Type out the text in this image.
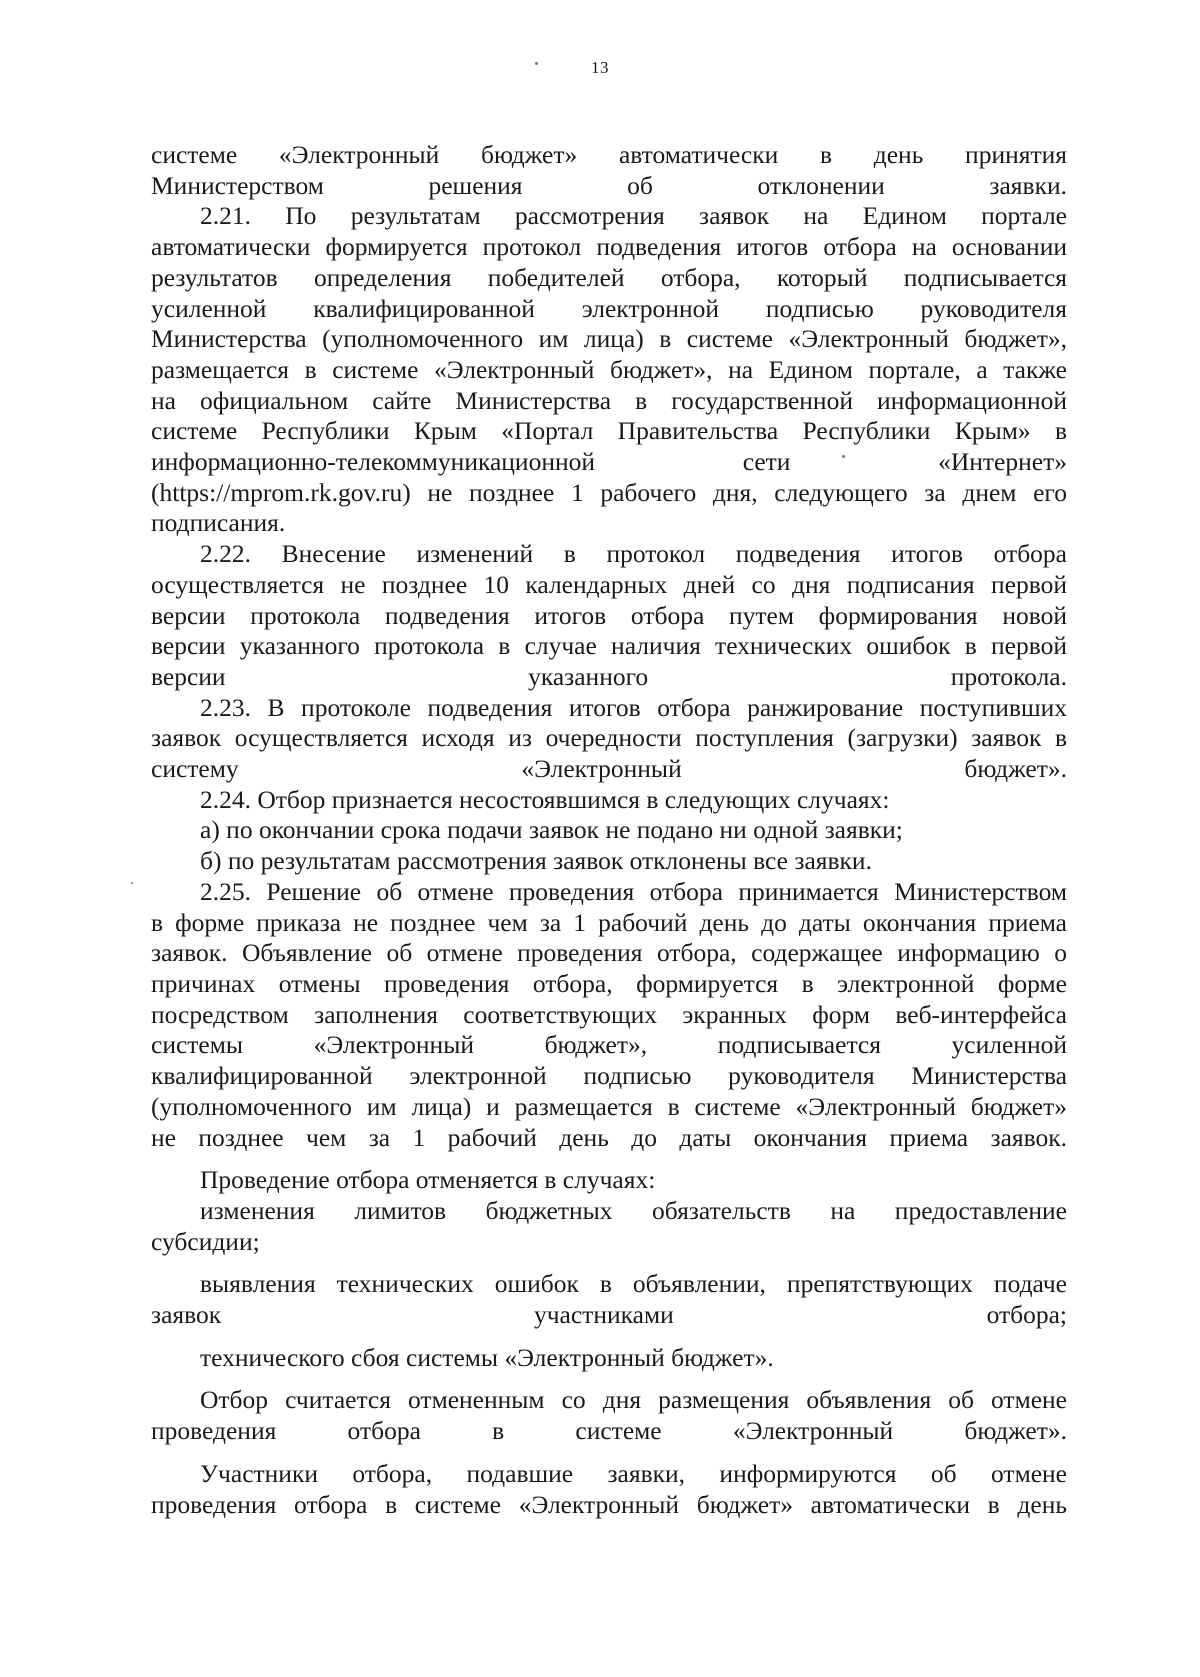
13

системе «Электронный бюджет» автоматически в день принятия
Министерством решения об отклонении заявки.

2.21. По результатам рассмотрения заявок на Едином портале
автоматически формируется протокол подведения итогов отбора на основании
результатов определения победителей отбора, который подписывается
усиленной квалифицированной электронной подписью руководителя
Министерства (уполномоченного им лица) в системе «Электронный бюджет»,
размещается в системе «Электронный бюджет», на Едином портале, а также
на официальном сайте Министерства в государственной информационной
системе Республики Крым «Портал Правительства Республики Крым» в
информационно-телекоммуникационной сети «Интернет»
(https://mprom.rk.gov.ru) не позднее 1 рабочего дня, следующего за днем его
подписания.

2.22. Внесение изменений в протокол подведения итогов отбора
осуществляется не позднее 10 календарных дней со дня подписания первой
версии протокола подведения итогов отбора путем формирования новой
версии указанного протокола в случае наличия технических ошибок в первой
версии указанного протокола.

2.23. В протоколе подведения итогов отбора ранжирование поступивших
заявок осуществляется исходя из очередности поступления (загрузки) заявок в
систему «Электронный бюджет».

2.24. Отбор признается несостоявшимся в следующих случаях:

а) по окончании срока подачи заявок не подано ни одной заявки;

б) по результатам рассмотрения заявок отклонены все заявки.

2.25. Решение об отмене проведения отбора принимается Министерством
в форме приказа не позднее чем за 1 рабочий день до даты окончания приема
заявок. Объявление об отмене проведения отбора, содержащее информацию о
причинах отмены проведения отбора, формируется в электронной форме
посредством заполнения соответствующих экранных форм веб-интерфейса
системы «Электронный бюджет», подписывается усиленной
квалифицированной электронной подписью руководителя Министерства
(уполномоченного им лица) и размещается в системе «Электронный бюджет»
не позднее чем за 1 рабочий день до даты окончания приема заявок.

Проведение отбора отменяется в случаях:

изменения лимитов бюджетных обязательств на предоставление
субсидии;

выявления технических ошибок в объявлении, препятствующих подаче
заявок участниками отбора;

технического сбоя системы «Электронный бюджет».

Отбор считается отмененным со дня размещения объявления об отмене
проведения отбора в системе «Электронный бюджет».

Участники отбора, подавшие заявки, информируются об отмене
проведения отбора в системе «Электронный бюджет» автоматически в день
